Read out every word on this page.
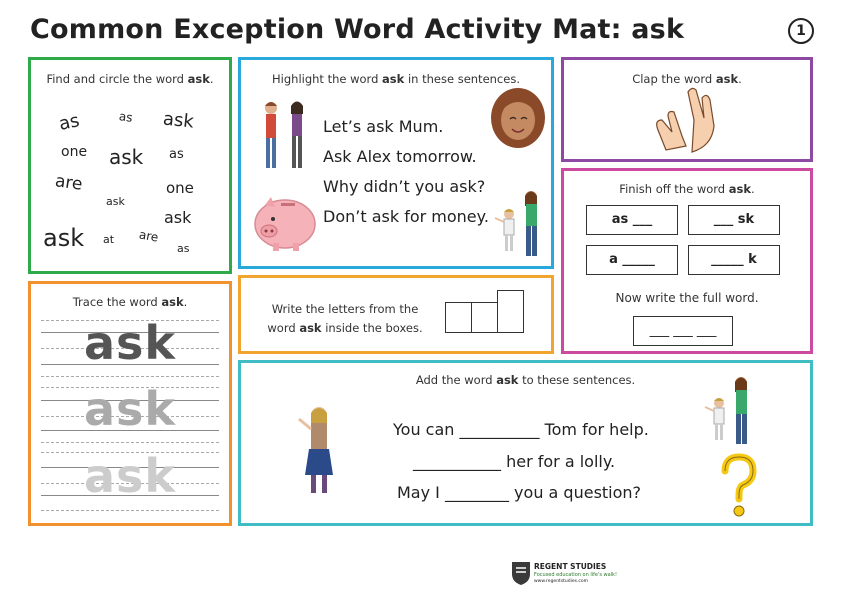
Common Exception Word Activity Mat: ask	1
Find and circle the word ask.
as	as ask
one ask as
are	one
ask
ask
ask at are
as
Highlight the word ask in these sentences.
Let’s ask Mum.
Ask Alex tomorrow.
Why didn’t you ask?
Don’t ask for money.
Clap the word ask.
Finish off the word ask.
as ___	___ sk
a _____	_____ k
Now write the full word.
___ ___ ___
Trace the word ask.
ask
ask
ask
Write the letters from the
word ask inside the boxes.
Add the word ask to these sentences.
You can __________ Tom for help.
___________ her for a lolly.
May I ________ you a question?
REGENT STUDIES
Focused education on life's walk!
www.regentstudies.com
